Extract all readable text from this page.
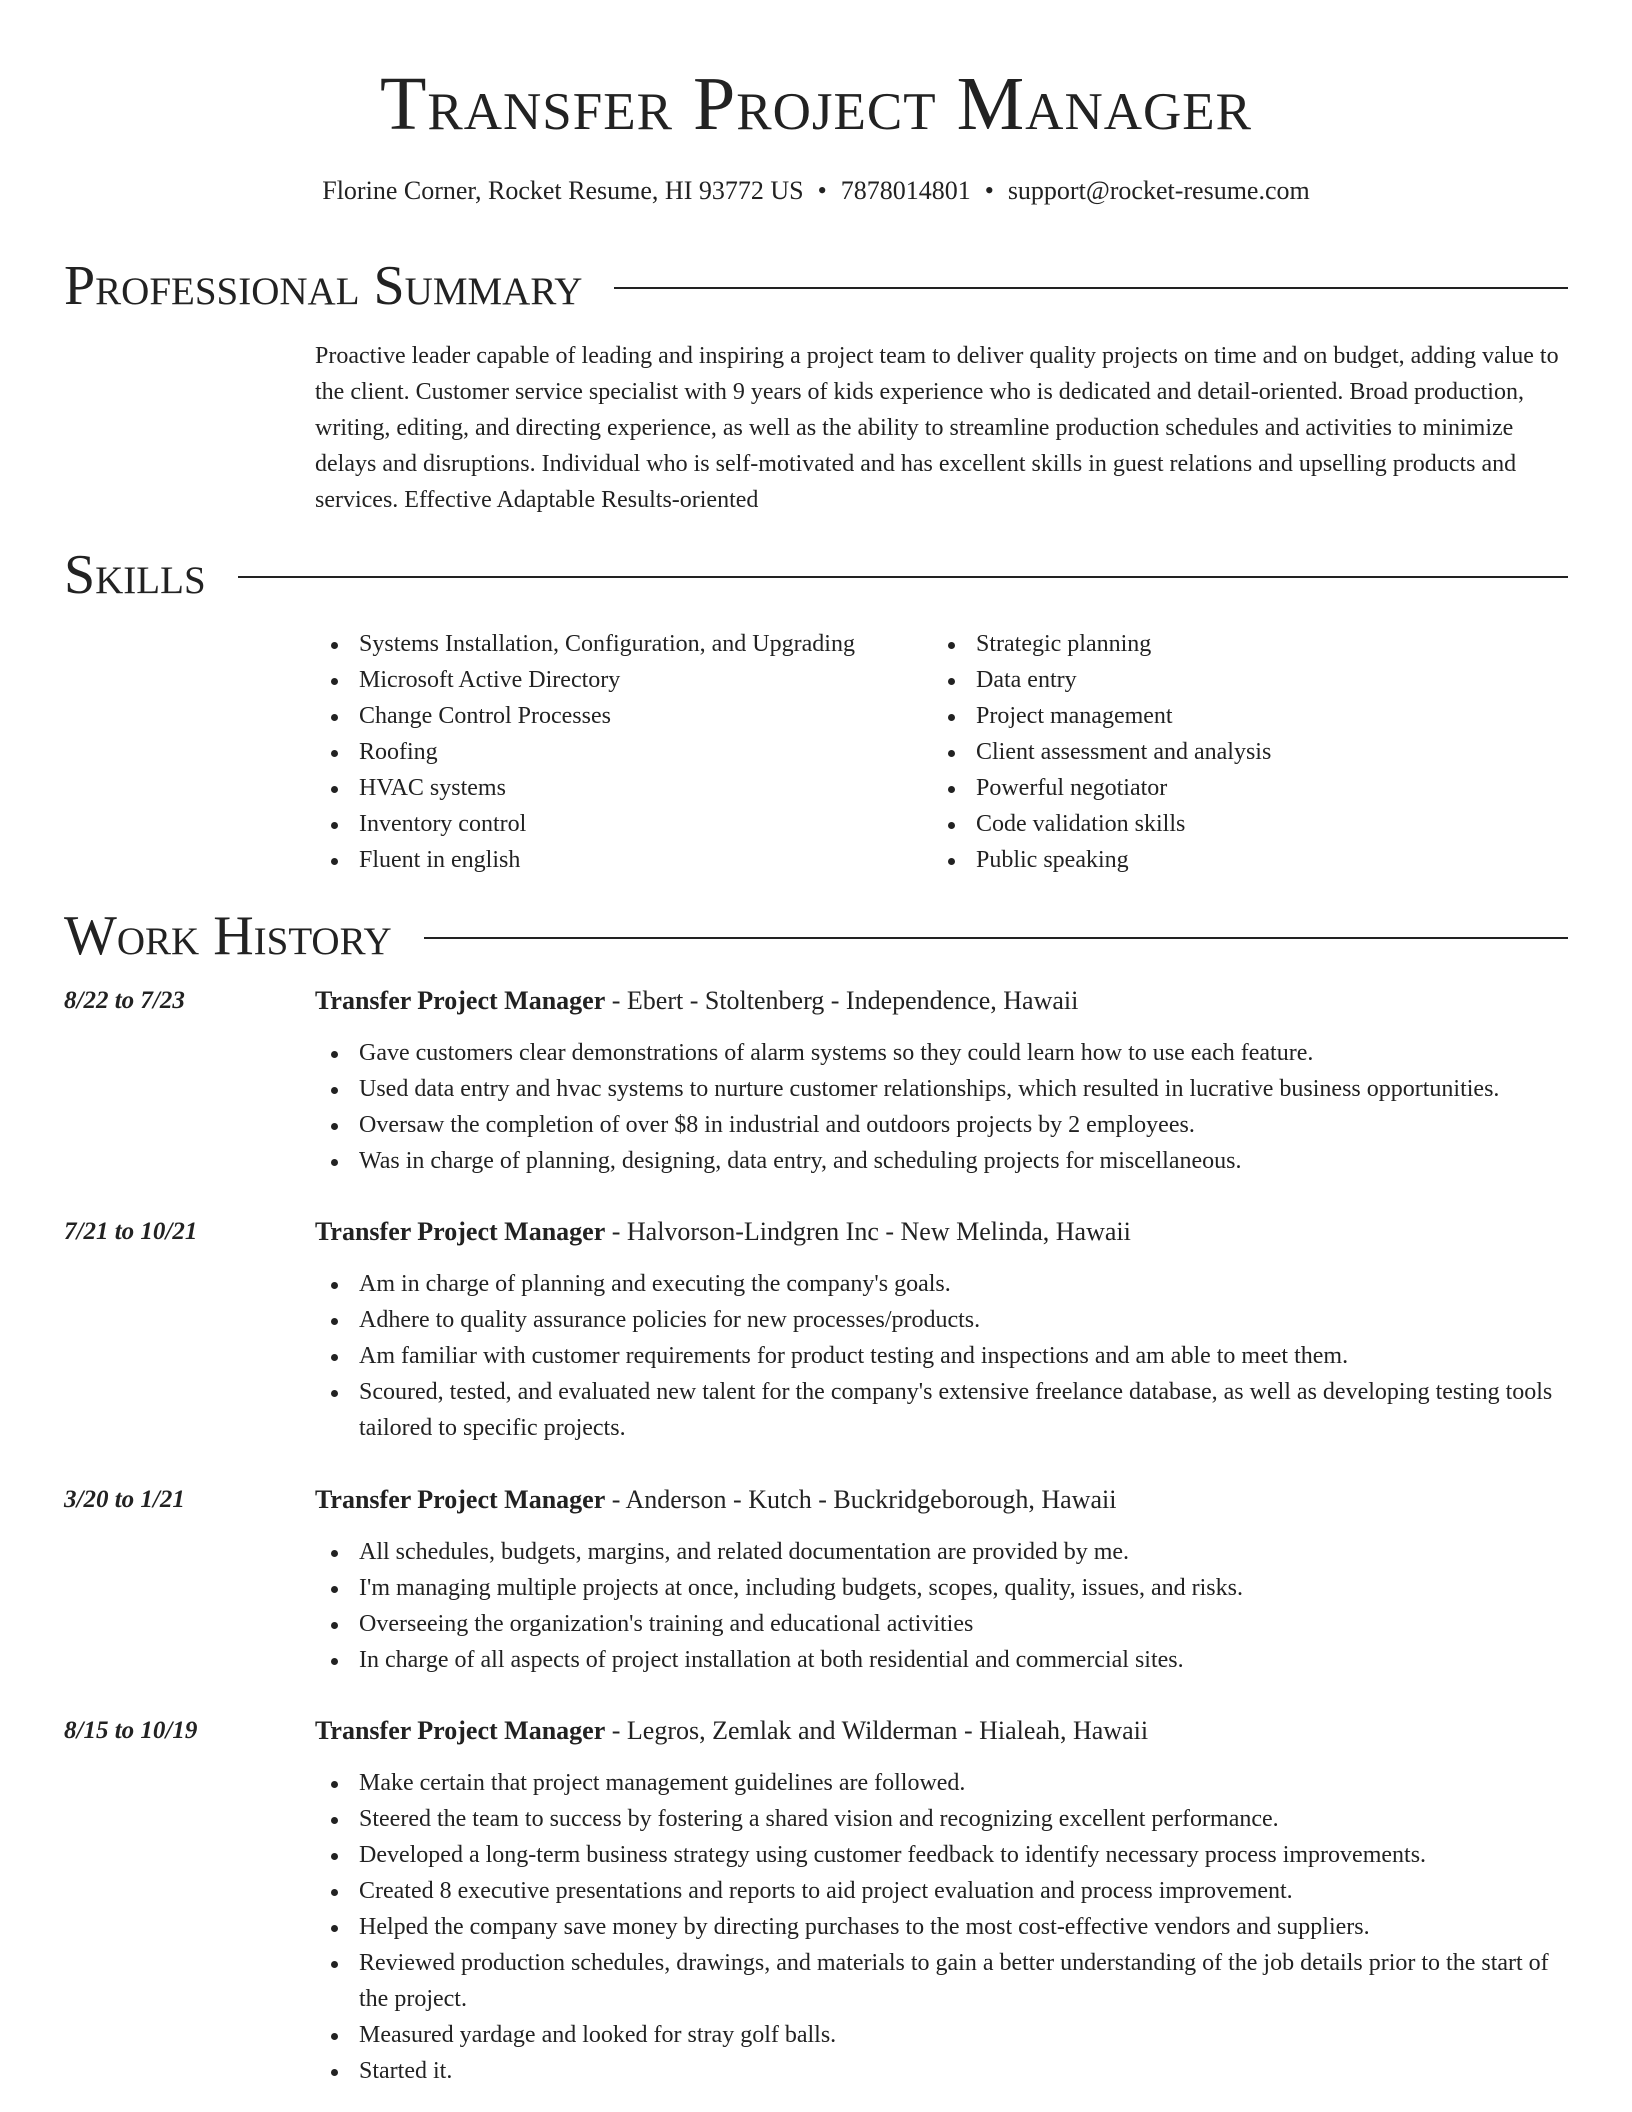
Transfer Project Manager
Florine Corner, Rocket Resume, HI 93772 US • 7878014801 • support@rocket-resume.com
Professional Summary

Proactive leader capable of leading and inspiring a project team to deliver quality projects on time and on budget, adding value to the client. Customer service specialist with 9 years of kids experience who is dedicated and detail-oriented. Broad production, writing, editing, and directing experience, as well as the ability to streamline production schedules and activities to minimize delays and disruptions. Individual who is self-motivated and has excellent skills in guest relations and upselling products and services. Effective Adaptable Results-oriented

Skills
Systems Installation, Configuration, and Upgrading
Microsoft Active Directory
Change Control Processes
Roofing
HVAC systems
Inventory control
Fluent in english
Strategic planning
Data entry
Project management
Client assessment and analysis
Powerful negotiator
Code validation skills
Public speaking
Work History
8/22 to 7/23	Transfer Project Manager - Ebert - Stoltenberg - Independence, Hawaii
Gave customers clear demonstrations of alarm systems so they could learn how to use each feature.
Used data entry and hvac systems to nurture customer relationships, which resulted in lucrative business opportunities.
Oversaw the completion of over $8 in industrial and outdoors projects by 2 employees.
Was in charge of planning, designing, data entry, and scheduling projects for miscellaneous.
7/21 to 10/21	Transfer Project Manager - Halvorson-Lindgren Inc - New Melinda, Hawaii
Am in charge of planning and executing the company's goals.
Adhere to quality assurance policies for new processes/products.
Am familiar with customer requirements for product testing and inspections and am able to meet them.
Scoured, tested, and evaluated new talent for the company's extensive freelance database, as well as developing testing tools tailored to specific projects.
3/20 to 1/21	Transfer Project Manager - Anderson - Kutch - Buckridgeborough, Hawaii
All schedules, budgets, margins, and related documentation are provided by me.
I'm managing multiple projects at once, including budgets, scopes, quality, issues, and risks.
Overseeing the organization's training and educational activities
In charge of all aspects of project installation at both residential and commercial sites.
8/15 to 10/19	Transfer Project Manager - Legros, Zemlak and Wilderman - Hialeah, Hawaii
Make certain that project management guidelines are followed.
Steered the team to success by fostering a shared vision and recognizing excellent performance.
Developed a long-term business strategy using customer feedback to identify necessary process improvements.
Created 8 executive presentations and reports to aid project evaluation and process improvement.
Helped the company save money by directing purchases to the most cost-effective vendors and suppliers.
Reviewed production schedules, drawings, and materials to gain a better understanding of the job details prior to the start of the project.
Measured yardage and looked for stray golf balls.
Started it.
